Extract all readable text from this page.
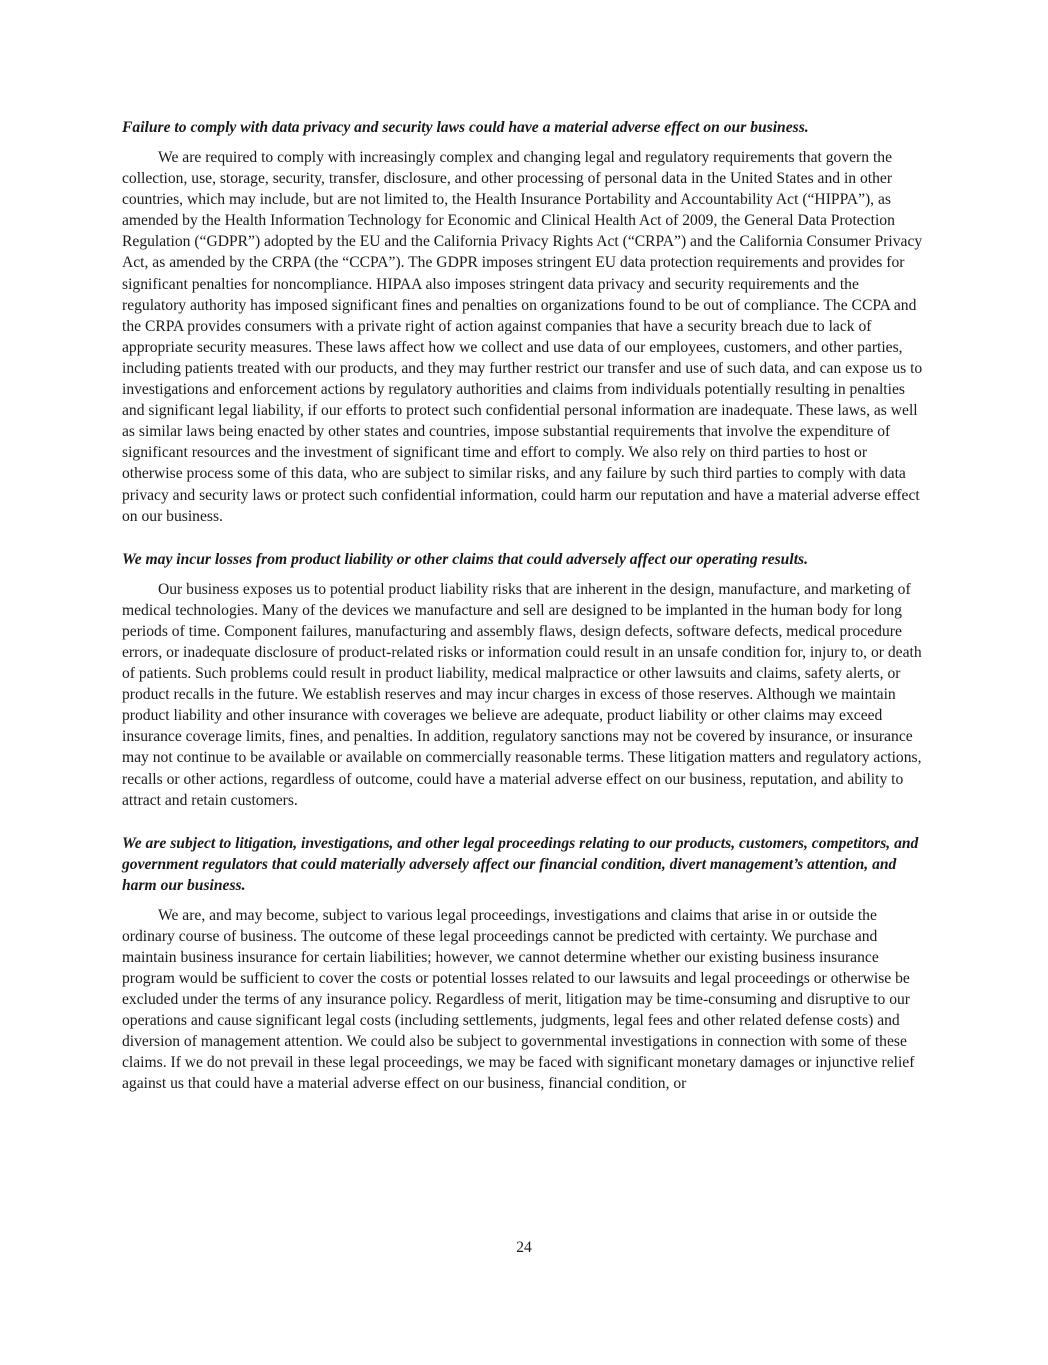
Failure to comply with data privacy and security laws could have a material adverse effect on our business.

We are required to comply with increasingly complex and changing legal and regulatory requirements that govern the collection, use, storage, security, transfer, disclosure, and other processing of personal data in the United States and in other countries, which may include, but are not limited to, the Health Insurance Portability and Accountability Act (“HIPPA”), as amended by the Health Information Technology for Economic and Clinical Health Act of 2009, the General Data Protection Regulation (“GDPR”) adopted by the EU and the California Privacy Rights Act (“CRPA”) and the California Consumer Privacy Act, as amended by the CRPA (the “CCPA”). The GDPR imposes stringent EU data protection requirements and provides for significant penalties for noncompliance. HIPAA also imposes stringent data privacy and security requirements and the regulatory authority has imposed significant fines and penalties on organizations found to be out of compliance. The CCPA and the CRPA provides consumers with a private right of action against companies that have a security breach due to lack of appropriate security measures. These laws affect how we collect and use data of our employees, customers, and other parties, including patients treated with our products, and they may further restrict our transfer and use of such data, and can expose us to investigations and enforcement actions by regulatory authorities and claims from individuals potentially resulting in penalties and significant legal liability, if our efforts to protect such confidential personal information are inadequate. These laws, as well as similar laws being enacted by other states and countries, impose substantial requirements that involve the expenditure of significant resources and the investment of significant time and effort to comply. We also rely on third parties to host or otherwise process some of this data, who are subject to similar risks, and any failure by such third parties to comply with data privacy and security laws or protect such confidential information, could harm our reputation and have a material adverse effect on our business.

We may incur losses from product liability or other claims that could adversely affect our operating results.

Our business exposes us to potential product liability risks that are inherent in the design, manufacture, and marketing of medical technologies. Many of the devices we manufacture and sell are designed to be implanted in the human body for long periods of time. Component failures, manufacturing and assembly flaws, design defects, software defects, medical procedure errors, or inadequate disclosure of product-related risks or information could result in an unsafe condition for, injury to, or death of patients. Such problems could result in product liability, medical malpractice or other lawsuits and claims, safety alerts, or product recalls in the future. We establish reserves and may incur charges in excess of those reserves. Although we maintain product liability and other insurance with coverages we believe are adequate, product liability or other claims may exceed insurance coverage limits, fines, and penalties. In addition, regulatory sanctions may not be covered by insurance, or insurance may not continue to be available or available on commercially reasonable terms. These litigation matters and regulatory actions, recalls or other actions, regardless of outcome, could have a material adverse effect on our business, reputation, and ability to attract and retain customers.

We are subject to litigation, investigations, and other legal proceedings relating to our products, customers, competitors, and government regulators that could materially adversely affect our financial condition, divert management’s attention, and harm our business.

We are, and may become, subject to various legal proceedings, investigations and claims that arise in or outside the ordinary course of business. The outcome of these legal proceedings cannot be predicted with certainty. We purchase and maintain business insurance for certain liabilities; however, we cannot determine whether our existing business insurance program would be sufficient to cover the costs or potential losses related to our lawsuits and legal proceedings or otherwise be excluded under the terms of any insurance policy. Regardless of merit, litigation may be time-consuming and disruptive to our operations and cause significant legal costs (including settlements, judgments, legal fees and other related defense costs) and diversion of management attention. We could also be subject to governmental investigations in connection with some of these claims. If we do not prevail in these legal proceedings, we may be faced with significant monetary damages or injunctive relief against us that could have a material adverse effect on our business, financial condition, or

24
